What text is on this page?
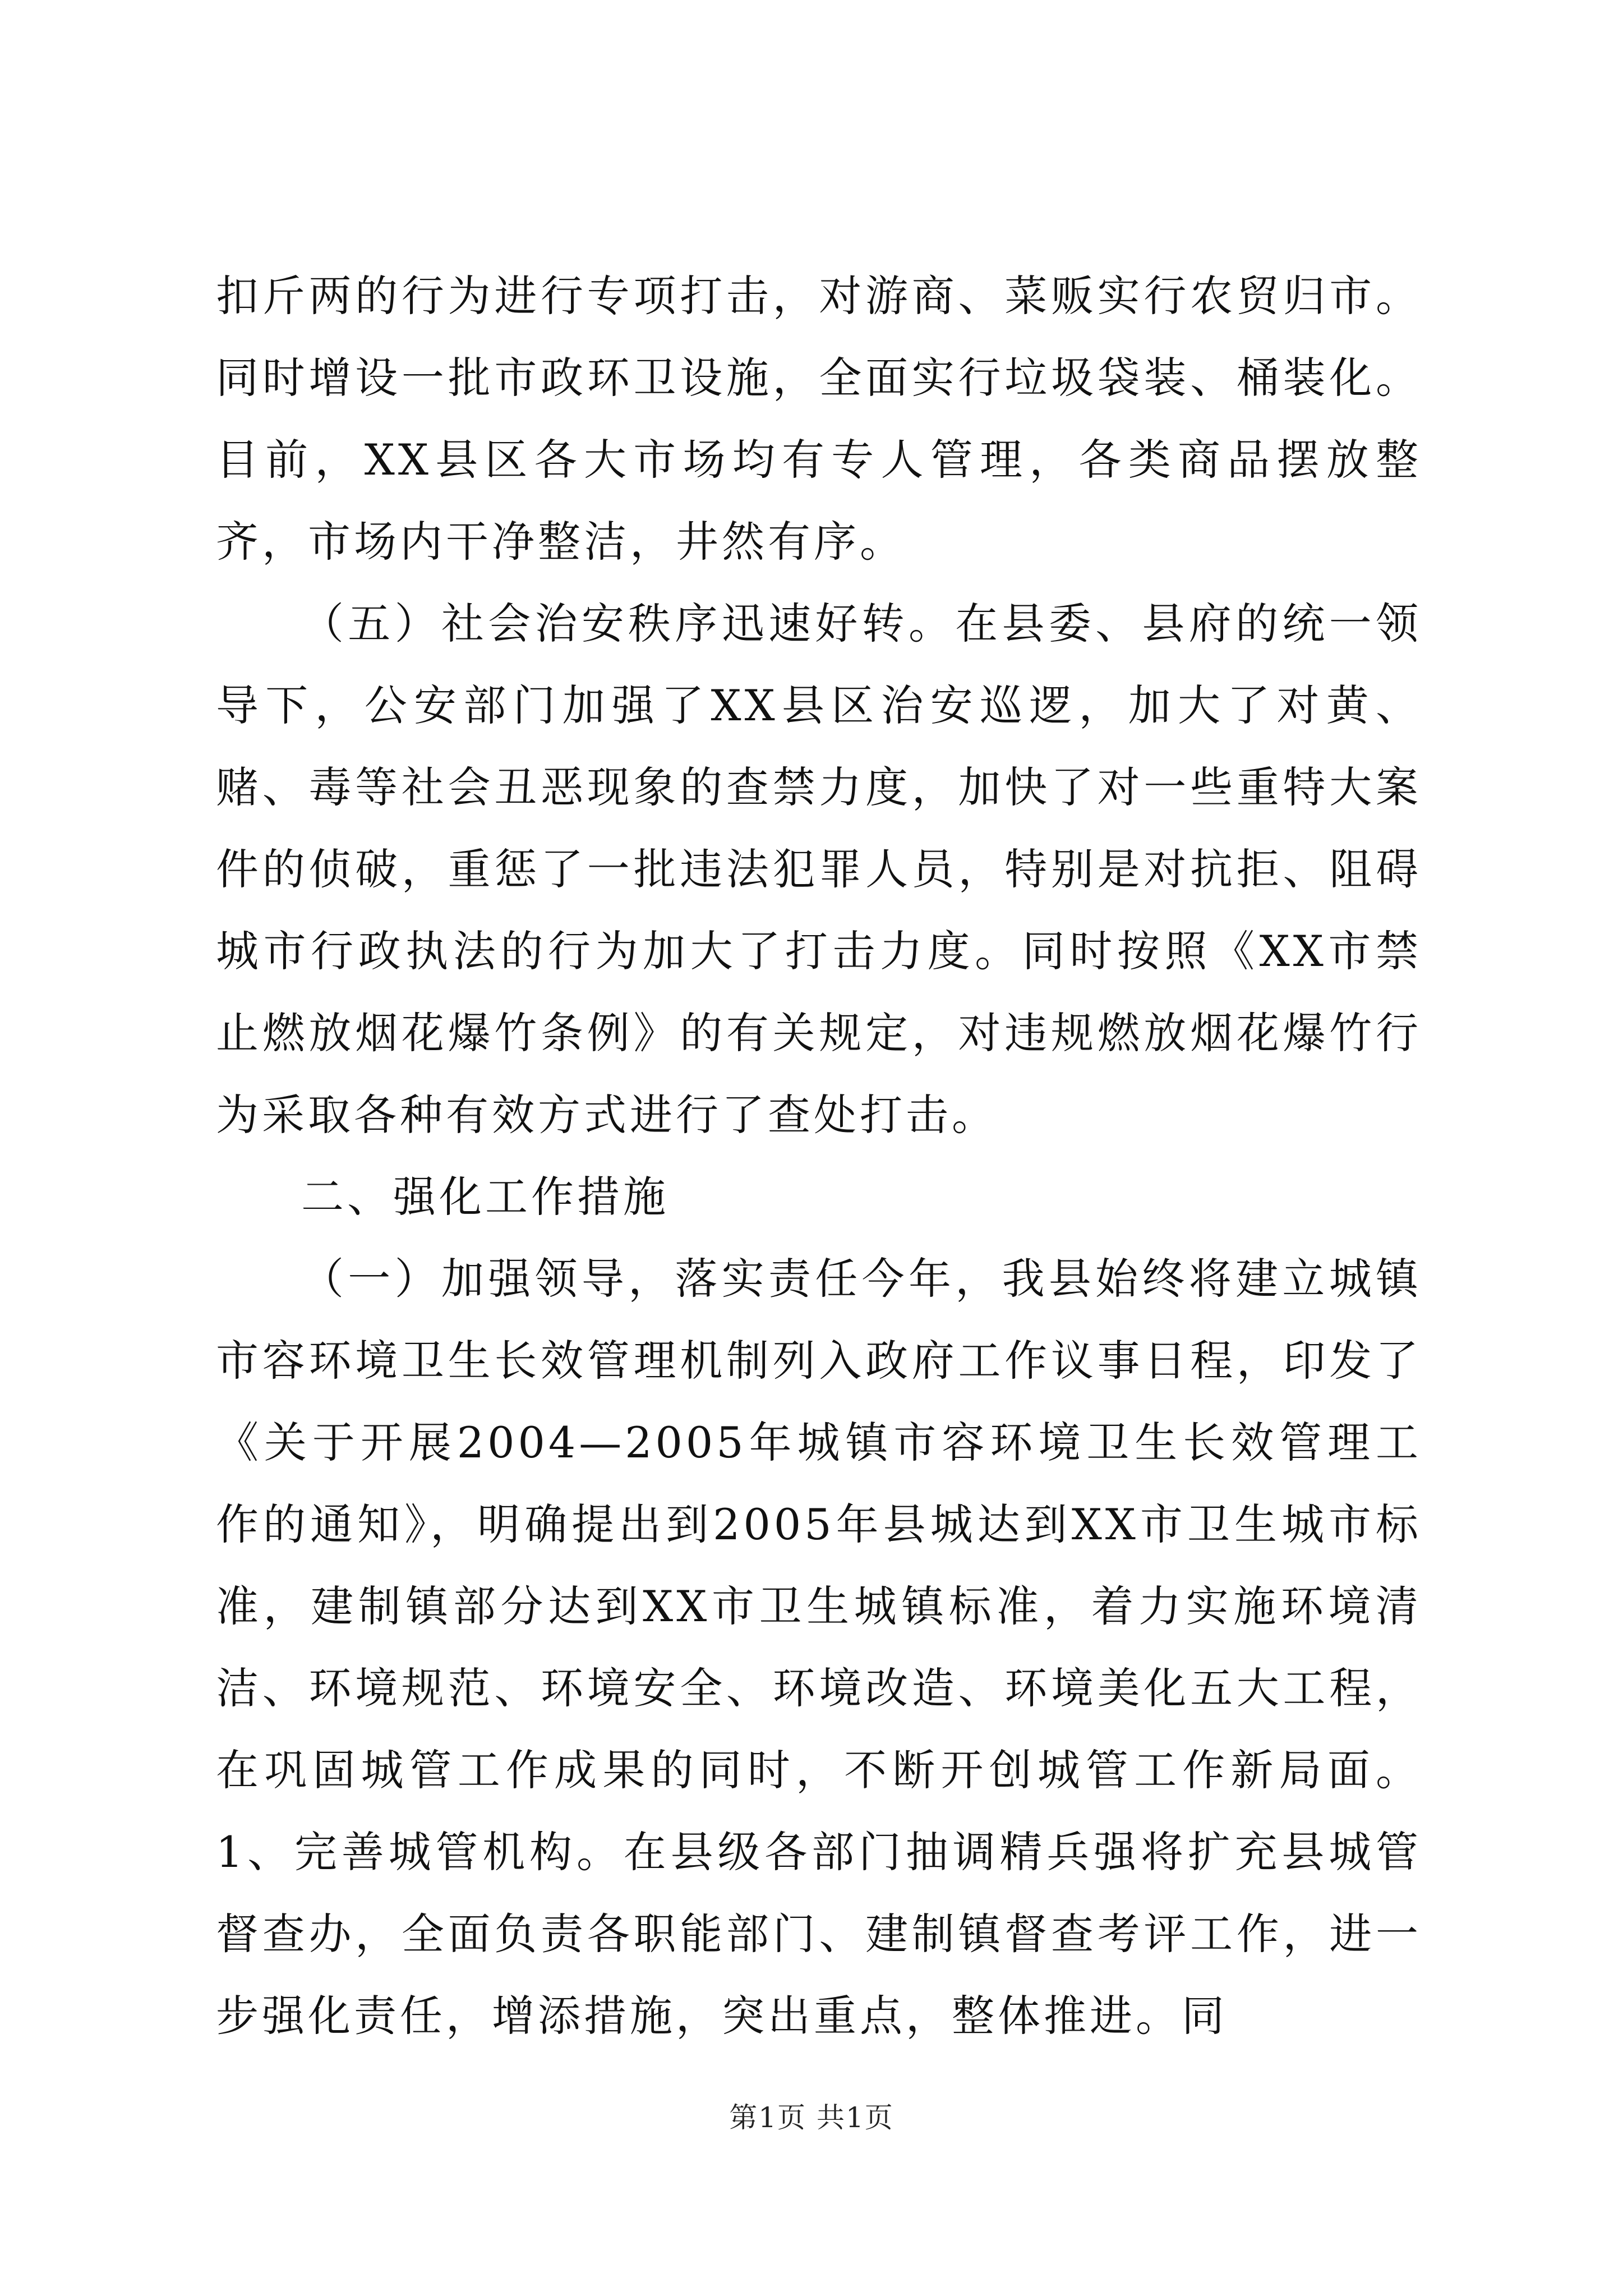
扣斤两的行为进行专项打击，对游商、菜贩实行农贸归市。同时增设一批市政环卫设施，全面实行垃圾袋装、桶装化。目前，XX县区各大市场均有专人管理，各类商品摆放整齐，市场内干净整洁，井然有序。

（五）社会治安秩序迅速好转。在县委、县府的统一领导下，公安部门加强了XX县区治安巡逻，加大了对黄、赌、毒等社会丑恶现象的查禁力度，加快了对一些重特大案件的侦破，重惩了一批违法犯罪人员，特别是对抗拒、阻碍城市行政执法的行为加大了打击力度。同时按照《XX市禁止燃放烟花爆竹条例》的有关规定，对违规燃放烟花爆竹行为采取各种有效方式进行了查处打击。

二、强化工作措施

（一）加强领导，落实责任今年，我县始终将建立城镇市容环境卫生长效管理机制列入政府工作议事日程，印发了《关于开展2004—2005年城镇市容环境卫生长效管理工作的通知》，明确提出到2005年县城达到XX市卫生城市标准，建制镇部分达到XX市卫生城镇标准，着力实施环境清洁、环境规范、环境安全、环境改造、环境美化五大工程，在巩固城管工作成果的同时，不断开创城管工作新局面。1、完善城管机构。在县级各部门抽调精兵强将扩充县城管督查办，全面负责各职能部门、建制镇督查考评工作，进一步强化责任，增添措施，突出重点，整体推进。同

第1页 共1页
